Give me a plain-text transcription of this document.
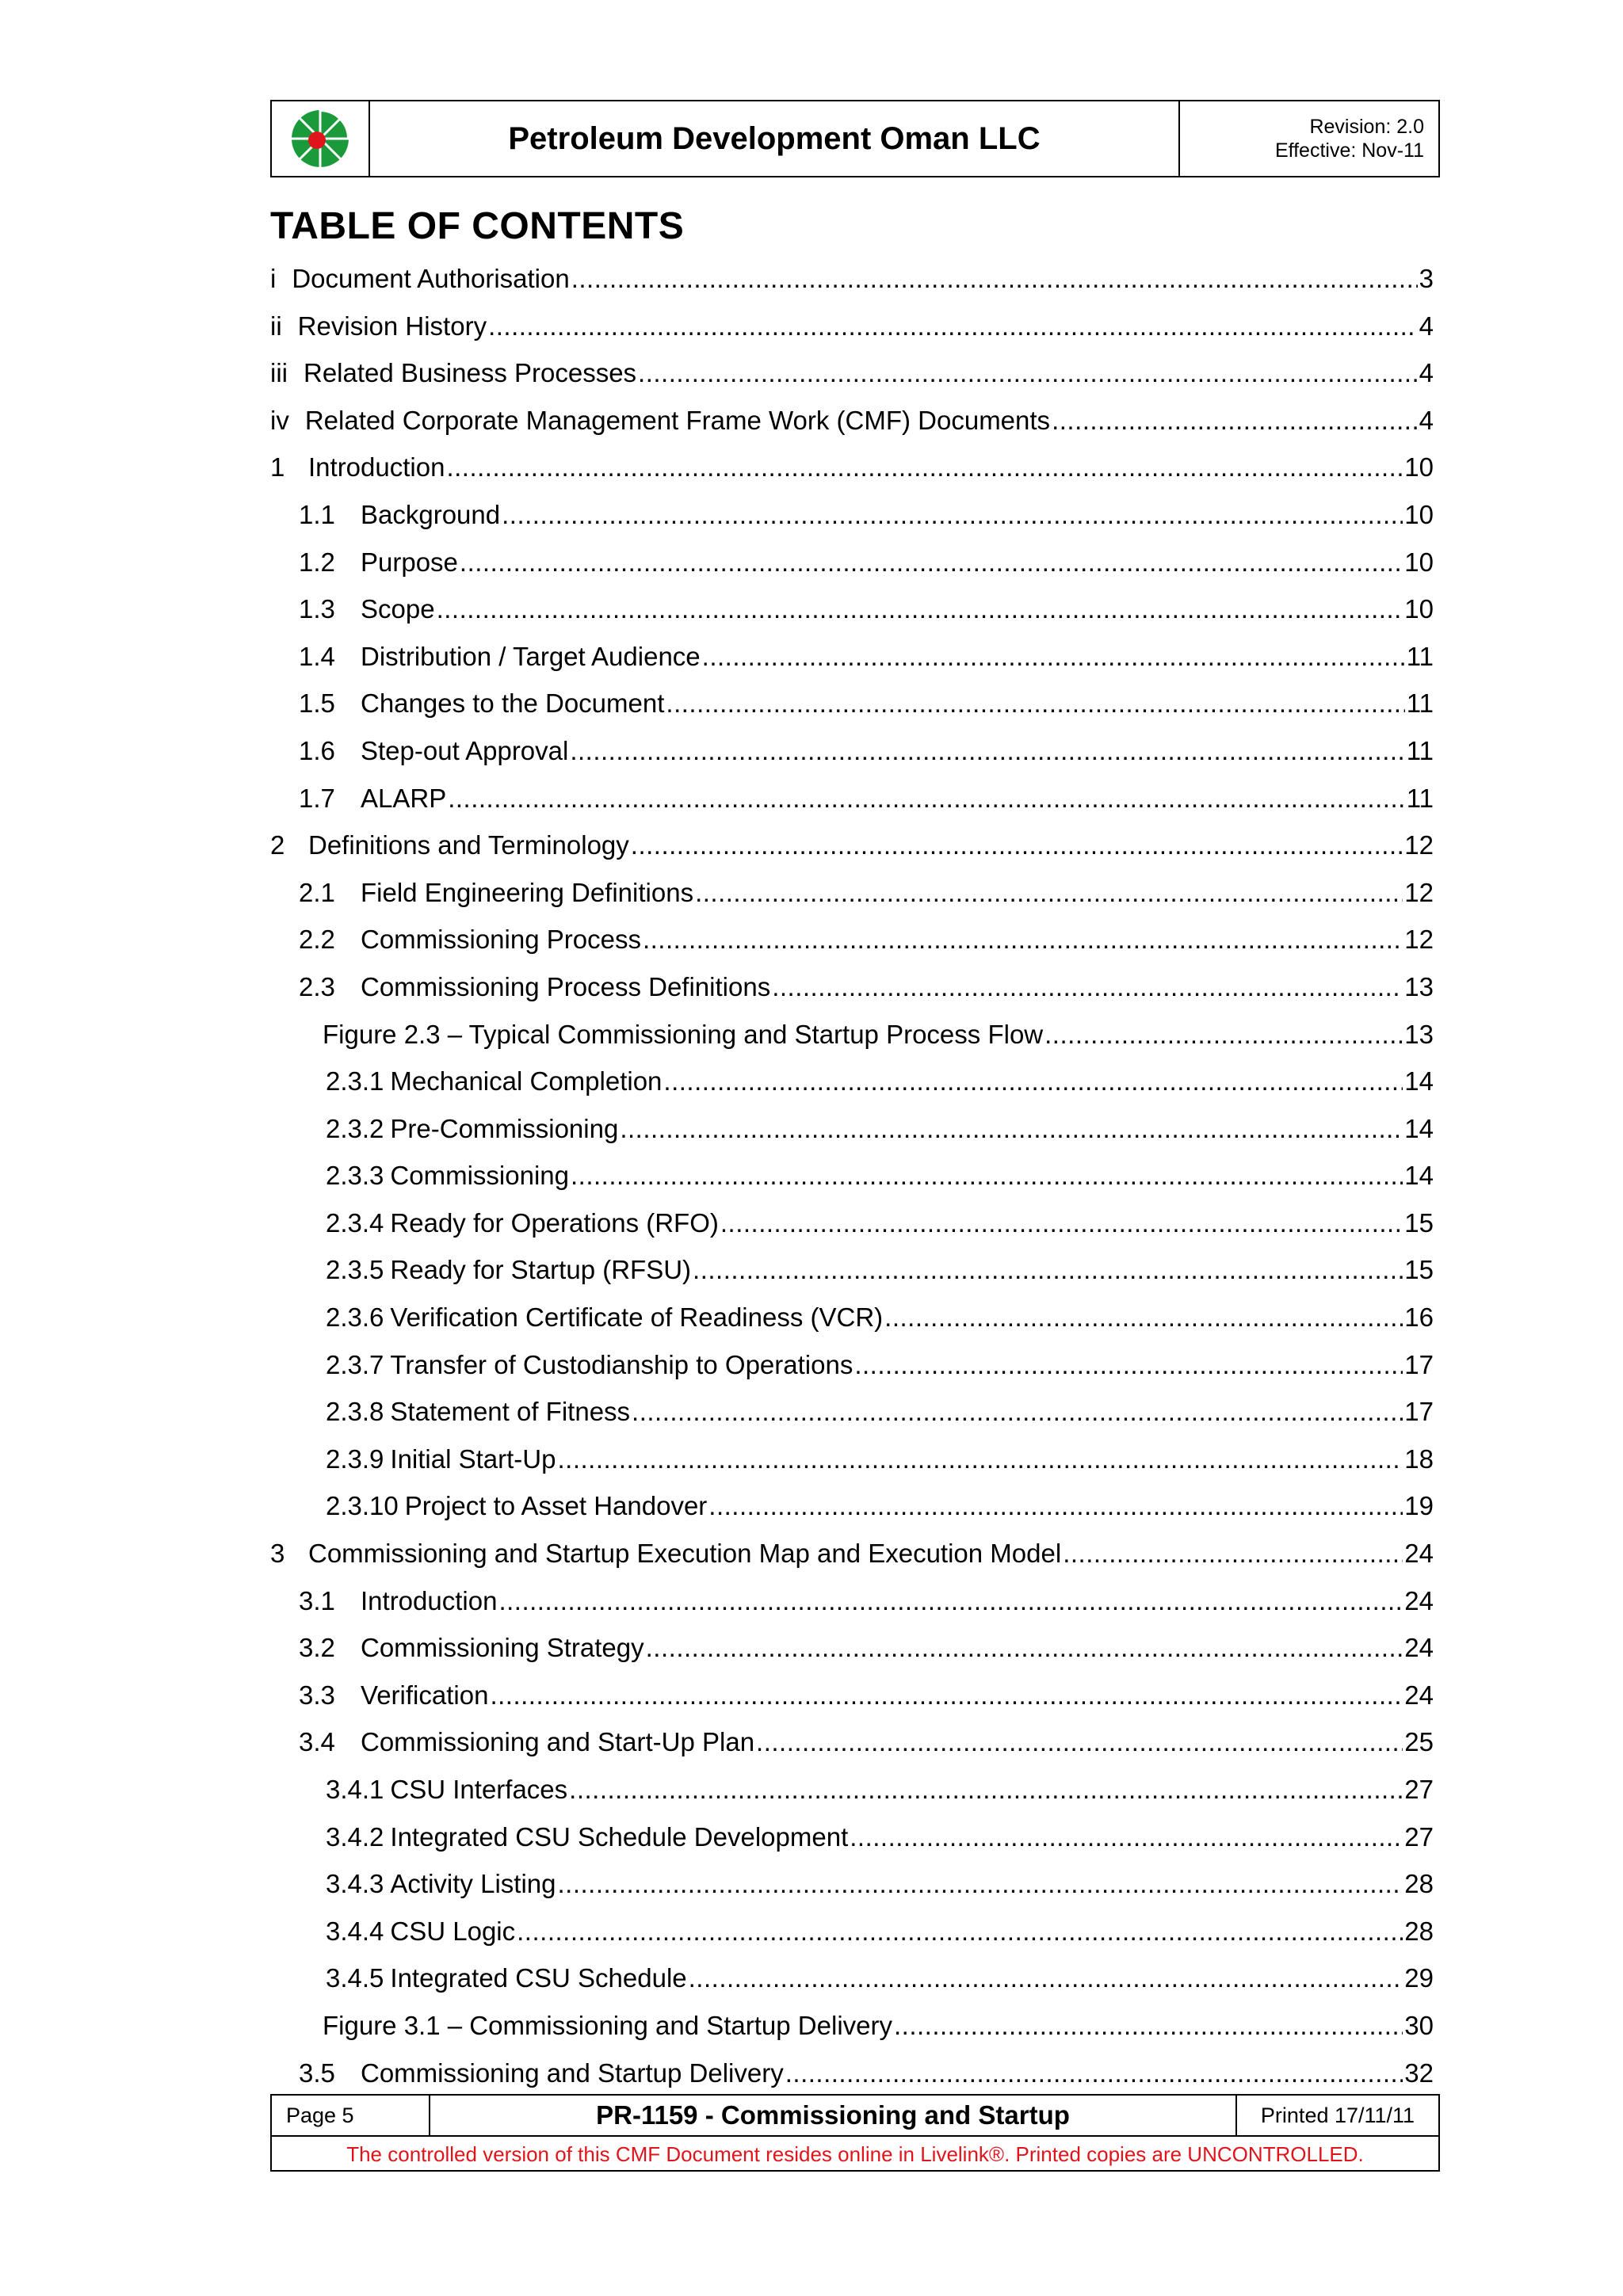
Petroleum Development Oman LLC	Revision: 2.0
Effective: Nov-11
TABLE OF CONTENTS
i Document Authorisation .....	3
ii Revision History .....	4
iii Related Business Processes .....	4
iv Related Corporate Management Frame Work (CMF) Documents .....	4
1 Introduction .....	10
1.1 Background .....	10
1.2 Purpose .....	10
1.3 Scope .....	10
1.4 Distribution / Target Audience .....	11
1.5 Changes to the Document .....	11
1.6 Step-out Approval .....	11
1.7 ALARP .....	11
2 Definitions and Terminology .....	12
2.1 Field Engineering Definitions .....	12
2.2 Commissioning Process .....	12
2.3 Commissioning Process Definitions .....	13
Figure 2.3 – Typical Commissioning and Startup Process Flow .....	13
2.3.1 Mechanical Completion .....	14
2.3.2 Pre-Commissioning .....	14
2.3.3 Commissioning .....	14
2.3.4 Ready for Operations (RFO) .....	15
2.3.5 Ready for Startup (RFSU) .....	15
2.3.6 Verification Certificate of Readiness (VCR) .....	16
2.3.7 Transfer of Custodianship to Operations .....	17
2.3.8 Statement of Fitness .....	17
2.3.9 Initial Start-Up .....	18
2.3.10 Project to Asset Handover .....	19
3 Commissioning and Startup Execution Map and Execution Model .....	24
3.1 Introduction .....	24
3.2 Commissioning Strategy .....	24
3.3 Verification .....	24
3.4 Commissioning and Start-Up Plan .....	25
3.4.1 CSU Interfaces .....	27
3.4.2 Integrated CSU Schedule Development .....	27
3.4.3 Activity Listing .....	28
3.4.4 CSU Logic .....	28
3.4.5 Integrated CSU Schedule .....	29
Figure 3.1 – Commissioning and Startup Delivery .....	30
3.5 Commissioning and Startup Delivery .....	32
Page 5	PR-1159 - Commissioning and Startup	Printed 17/11/11
The controlled version of this CMF Document resides online in Livelink®. Printed copies are UNCONTROLLED.
